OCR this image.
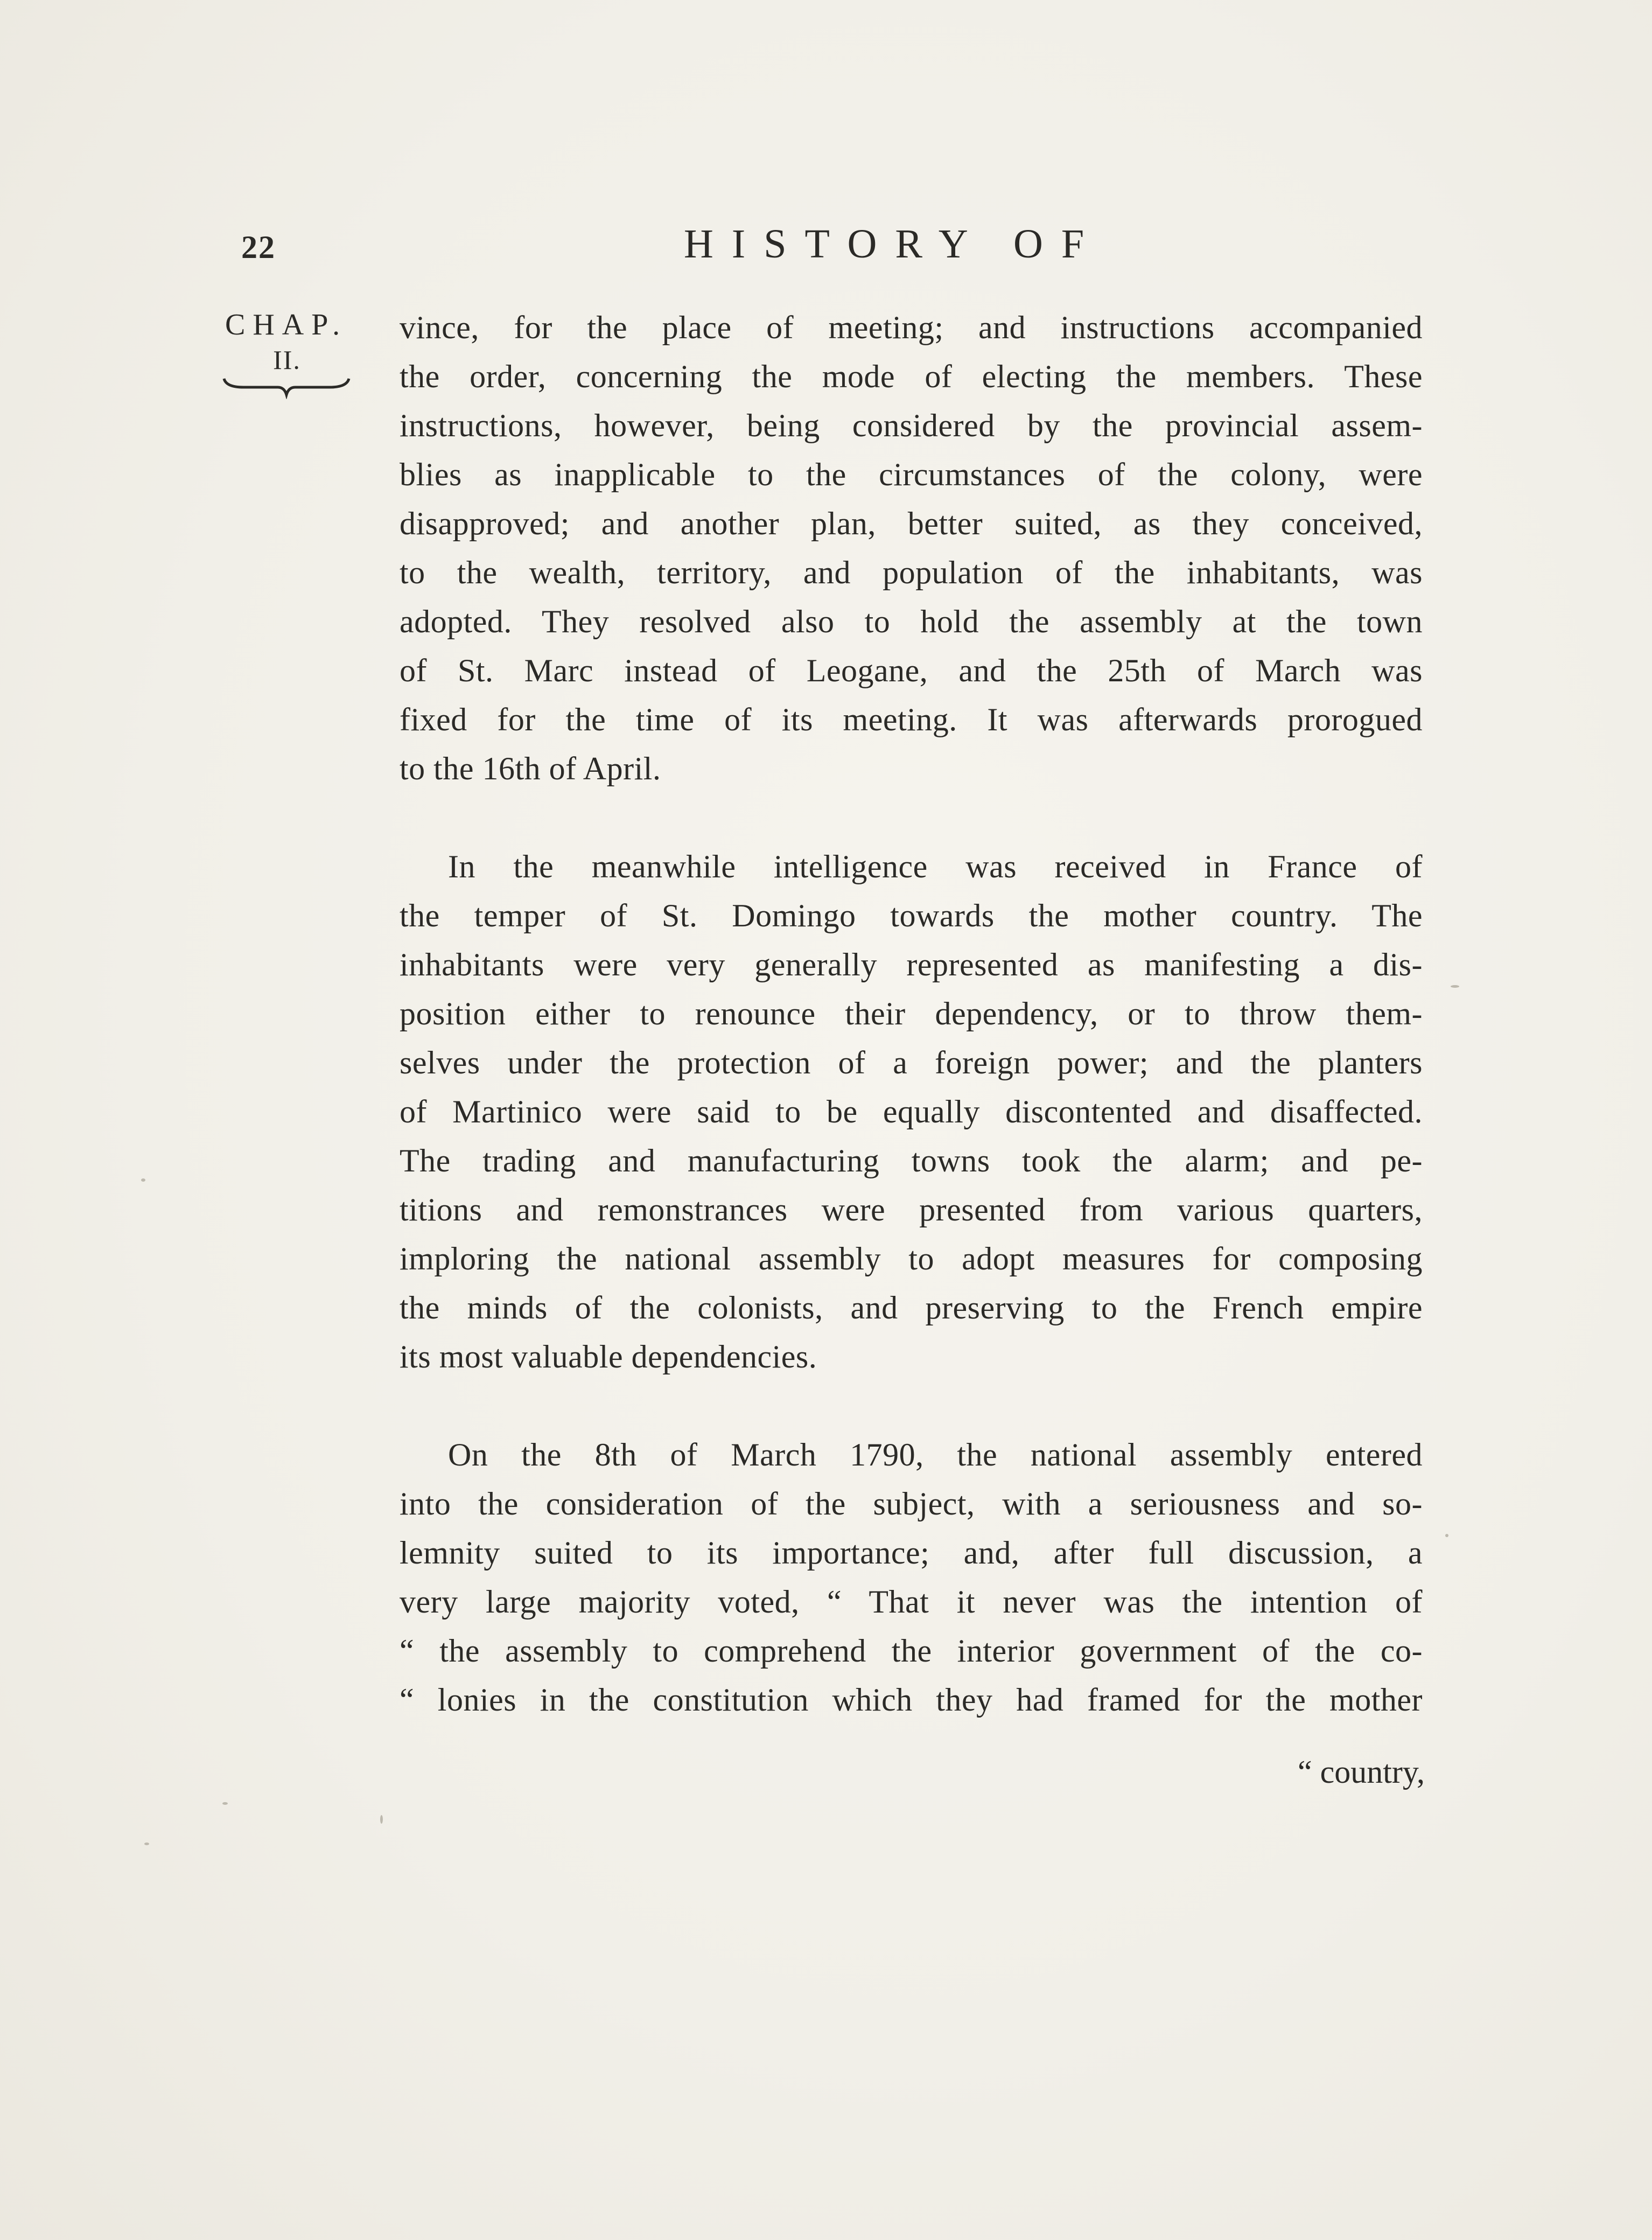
22	HISTORY OF
CHAP.
II.
vince, for the place of meeting; and instructions accompanied
the order, concerning the mode of electing the members. These
instructions, however, being considered by the provincial assem-
blies as inapplicable to the circumstances of the colony, were
disapproved; and another plan, better suited, as they conceived,
to the wealth, territory, and population of the inhabitants, was
adopted. They resolved also to hold the assembly at the town
of St. Marc instead of Leogane, and the 25th of March was
fixed for the time of its meeting. It was afterwards prorogued
to the 16th of April.
In the meanwhile intelligence was received in France of
the temper of St. Domingo towards the mother country. The
inhabitants were very generally represented as manifesting a dis-
position either to renounce their dependency, or to throw them-
selves under the protection of a foreign power; and the planters
of Martinico were said to be equally discontented and disaffected.
The trading and manufacturing towns took the alarm; and pe-
titions and remonstrances were presented from various quarters,
imploring the national assembly to adopt measures for composing
the minds of the colonists, and preserving to the French empire
its most valuable dependencies.
On the 8th of March 1790, the national assembly entered
into the consideration of the subject, with a seriousness and so-
lemnity suited to its importance; and, after full discussion, a
very large majority voted, “ That it never was the intention of
“ the assembly to comprehend the interior government of the co-
“ lonies in the constitution which they had framed for the mother
“ country,
